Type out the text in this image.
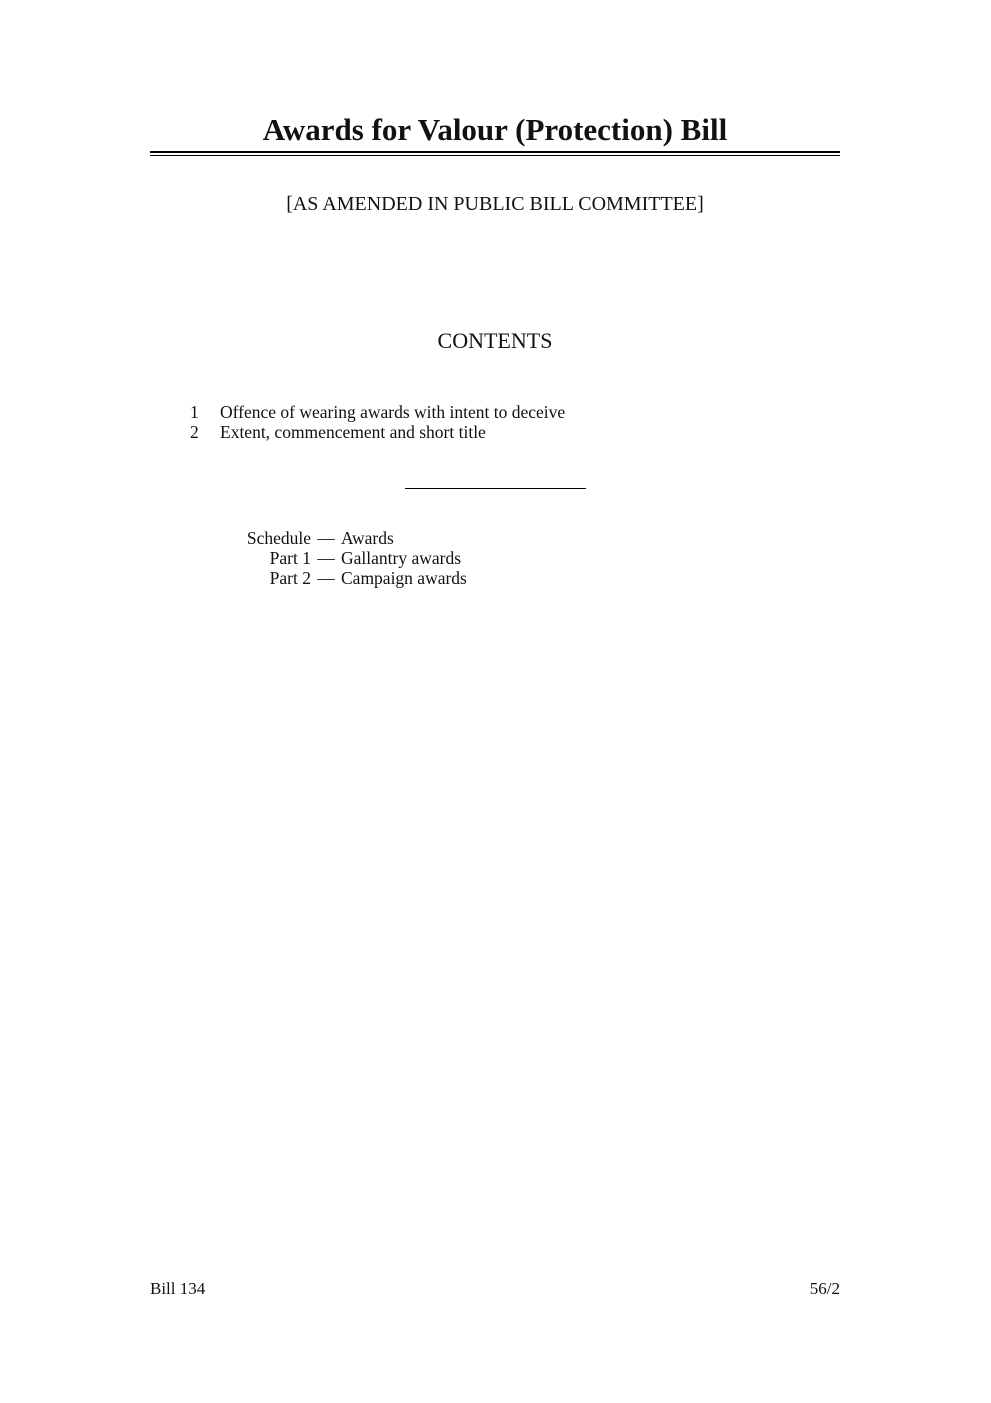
Awards for Valour (Protection) Bill
[AS AMENDED IN PUBLIC BILL COMMITTEE]
CONTENTS
1	Offence of wearing awards with intent to deceive
2	Extent, commencement and short title
Schedule — Awards
Part 1 — Gallantry awards
Part 2 — Campaign awards
Bill 134	56/2
